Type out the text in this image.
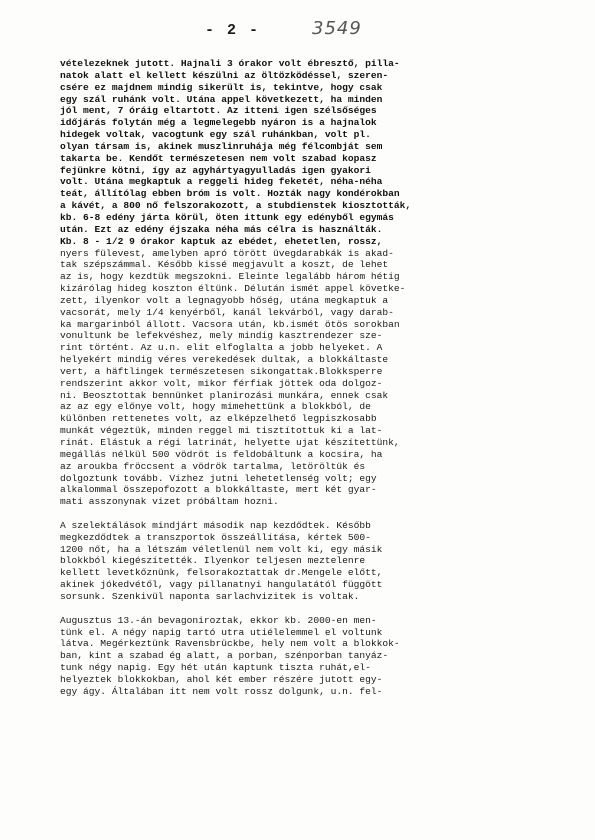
- 2 -	3549
vételezeknek jutott. Hajnali 3 órakor volt ébresztő, pilla-
natok alatt el kellett készülni az öltözködéssel, szeren-
csére ez majdnem mindig sikerült is, tekintve, hogy csak
egy szál ruhánk volt. Utána appel következett, ha minden
jól ment, 7 óráig eltartott. Az itteni igen szélsőséges
időjárás folytán még a legmelegebb nyáron is a hajnalok
hidegek voltak, vacogtunk egy szál ruhánkban, volt pl.
olyan társam is, akinek muszlinruhája még félcombját sem
takarta be. Kendőt természetesen nem volt szabad kopasz
fejünkre kötni, így az agyhártyagyulladás igen gyakori
volt. Utána megkaptuk a reggeli hideg feketét, néha-néha
teát, állítólag ebben bróm is volt. Hozták nagy kondérokban
a kávét, a 800 nő felszorakozott, a stubdienstek kiosztották,
kb. 6-8 edény járta körül, öten ittunk egy edényből egymás
után. Ezt az edény éjszaka néha más célra is használták.
Kb. 8 - 1/2 9 órakor kaptuk az ebédet, ehetetlen, rossz,
nyers fülevest, amelyben apró törött üvegdarabkák is akad-
tak szépszámmal. Később kissé megjavult a koszt, de lehet
az is, hogy kezdtük megszokni. Eleinte legalább három hétig
kizárólag hideg koszton éltünk. Délután ismét appel követke-
zett, ilyenkor volt a legnagyobb hőség, utána megkaptuk a
vacsorát, mely 1/4 kenyérből, kanál lekvárból, vagy darab-
ka margarinból állott. Vacsora után, kb.ismét ötös sorokban
vonultunk be lefekvéshez, mely mindig kasztrendezer sze-
rint történt. Az u.n. elit elfoglalta a jobb helyeket. A
helyekért mindig véres verekedések dultak, a blokkáltaste
vert, a häftlingek természetesen sikongattak.Blokksperre
rendszerint akkor volt, mikor férfiak jöttek oda dolgoz-
ni. Beosztottak bennünket planirozási munkára, ennek csak
az az egy előnye volt, hogy mimehettünk a blokkból, de
különben rettenetes volt, az elképzelhető legpiszkosabb
munkát végeztük, minden reggel mi tisztítottuk ki a lat-
rinát. Elástuk a régi latrinát, helyette ujat készítettünk,
megállás nélkül 500 vödröt is feldobáltunk a kocsira, ha
az aroukba fröccsent a vödrök tartalma, letöröltük és
dolgoztunk tovább. Vízhez jutni lehetetlenség volt; egy
alkalommal összepofozott a blokkáltaste, mert két gyar-
mati asszonynak vizet próbáltam hozni.
A szelektálások mindjárt második nap kezdődtek. Később
megkezdődtek a transzportok összeállítása, kértek 500-
1200 nőt, ha a létszám véletlenül nem volt ki, egy másik
blokkból kiegészítették. Ilyenkor teljesen meztelenre
kellett levetkőznünk, felsorakoztattak dr.Mengele előtt,
akinek jókedvétől, vagy pillanatnyi hangulatától függött
sorsunk. Szenkivül naponta sarlachvizitek is voltak.
Augusztus 13.-án bevagoniroztak, ekkor kb. 2000-en men-
tünk el. A négy napig tartó utra utiélelemmel el voltunk
látva. Megérkeztünk Ravensbrückbe, hely nem volt a blokkok-
ban, kint a szabad ég alatt, a porban, szénporban tanyáz-
tunk négy napig. Egy hét után kaptunk tiszta ruhát,el-
helyeztek blokkokban, ahol két ember részére jutott egy-
egy ágy. Általában itt nem volt rossz dolgunk, u.n. fel-
